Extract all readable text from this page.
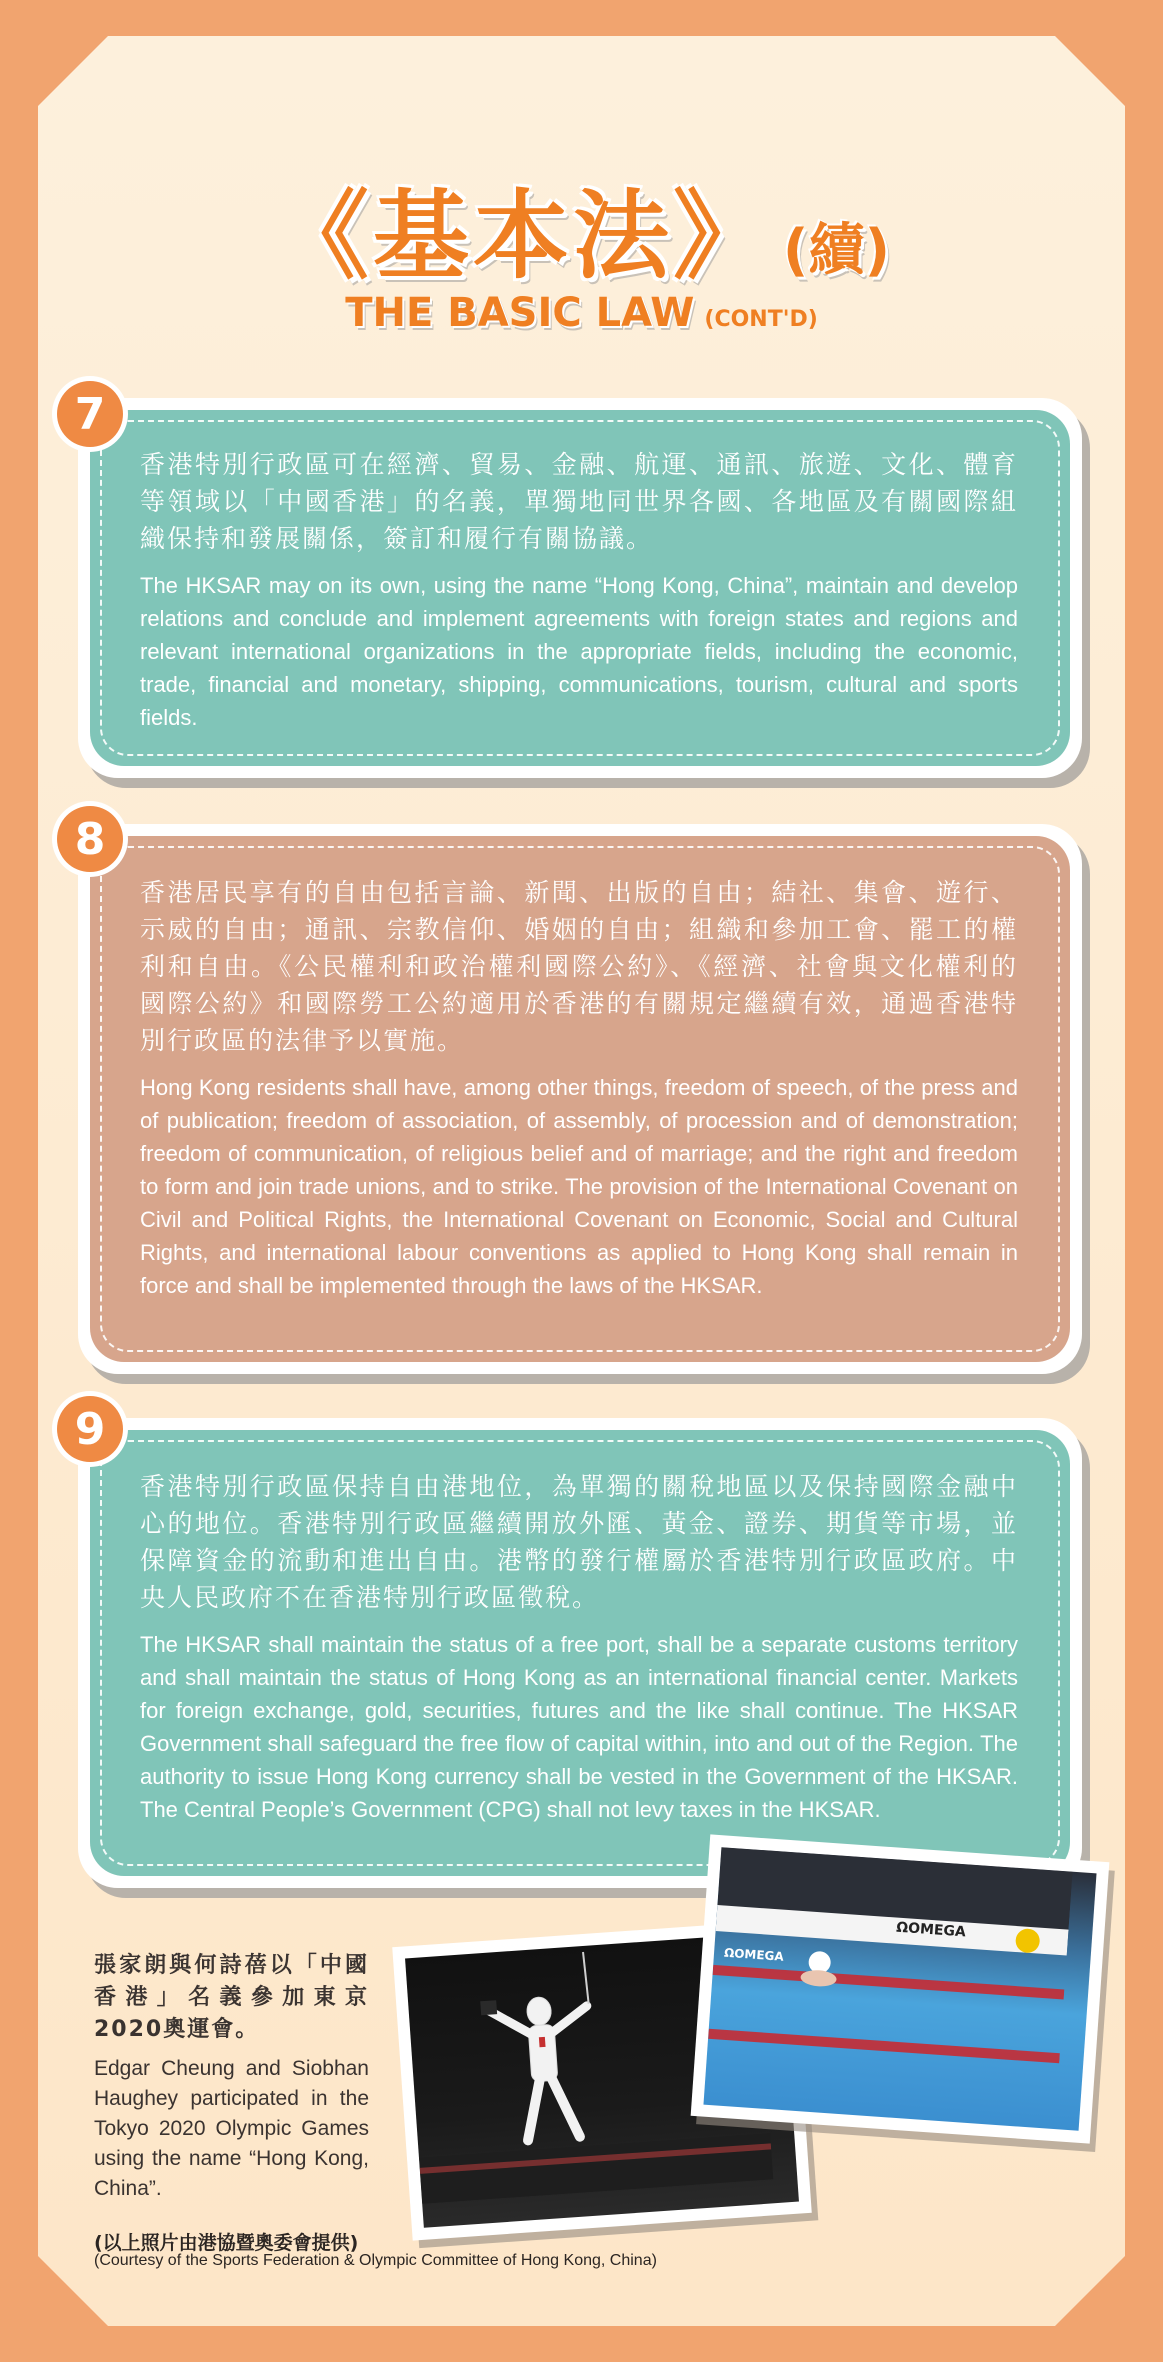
《基本法》 (續)
THE BASIC LAW (CONT'D)

香港特別行政區可在經濟、貿易、金融、航運、通訊、旅遊、文化、體育等領域以「中國香港」的名義，單獨地同世界各國、各地區及有關國際組織保持和發展關係，簽訂和履行有關協議。

The HKSAR may on its own, using the name “Hong Kong, China”, maintain and develop relations and conclude and implement agreements with foreign states and regions and relevant international organizations in the appropriate fields, including the economic, trade, financial and monetary, shipping, communications, tourism, cultural and sports fields.

7

香港居民享有的自由包括言論、新聞、出版的自由；結社、集會、遊行、示威的自由；通訊、宗教信仰、婚姻的自由；組織和參加工會、罷工的權利和自由。《公民權利和政治權利國際公約》、《經濟、社會與文化權利的國際公約》和國際勞工公約適用於香港的有關規定繼續有效，通過香港特別行政區的法律予以實施。

Hong Kong residents shall have, among other things, freedom of speech, of the press and of publication; freedom of association, of assembly, of procession and of demonstration; freedom of communication, of religious belief and of marriage; and the right and freedom to form and join trade unions, and to strike. The provision of the International Covenant on Civil and Political Rights, the International Covenant on Economic, Social and Cultural Rights, and international labour conventions as applied to Hong Kong shall remain in force and shall be implemented through the laws of the HKSAR.

8

香港特別行政區保持自由港地位，為單獨的關稅地區以及保持國際金融中心的地位。香港特別行政區繼續開放外匯、黃金、證券、期貨等市場，並保障資金的流動和進出自由。港幣的發行權屬於香港特別行政區政府。中央人民政府不在香港特別行政區徵稅。

The HKSAR shall maintain the status of a free port, shall be a separate customs territory and shall maintain the status of Hong Kong as an international financial center. Markets for foreign exchange, gold, securities, futures and the like shall continue. The HKSAR Government shall safeguard the free flow of capital within, into and out of the Region. The authority to issue Hong Kong currency shall be vested in the Government of the HKSAR. The Central People’s Government (CPG) shall not levy taxes in the HKSAR.

9
張家朗與何詩蓓以「中國香港」名義參加東京2020奧運會。
Edgar Cheung and Siobhan Haughey participated in the Tokyo 2020 Olympic Games using the name “Hong Kong, China”.
(以上照片由港協暨奧委會提供)
(Courtesy of the Sports Federation & Olympic Committee of Hong Kong, China)
ΩOMEGA
ΩOMEGA
